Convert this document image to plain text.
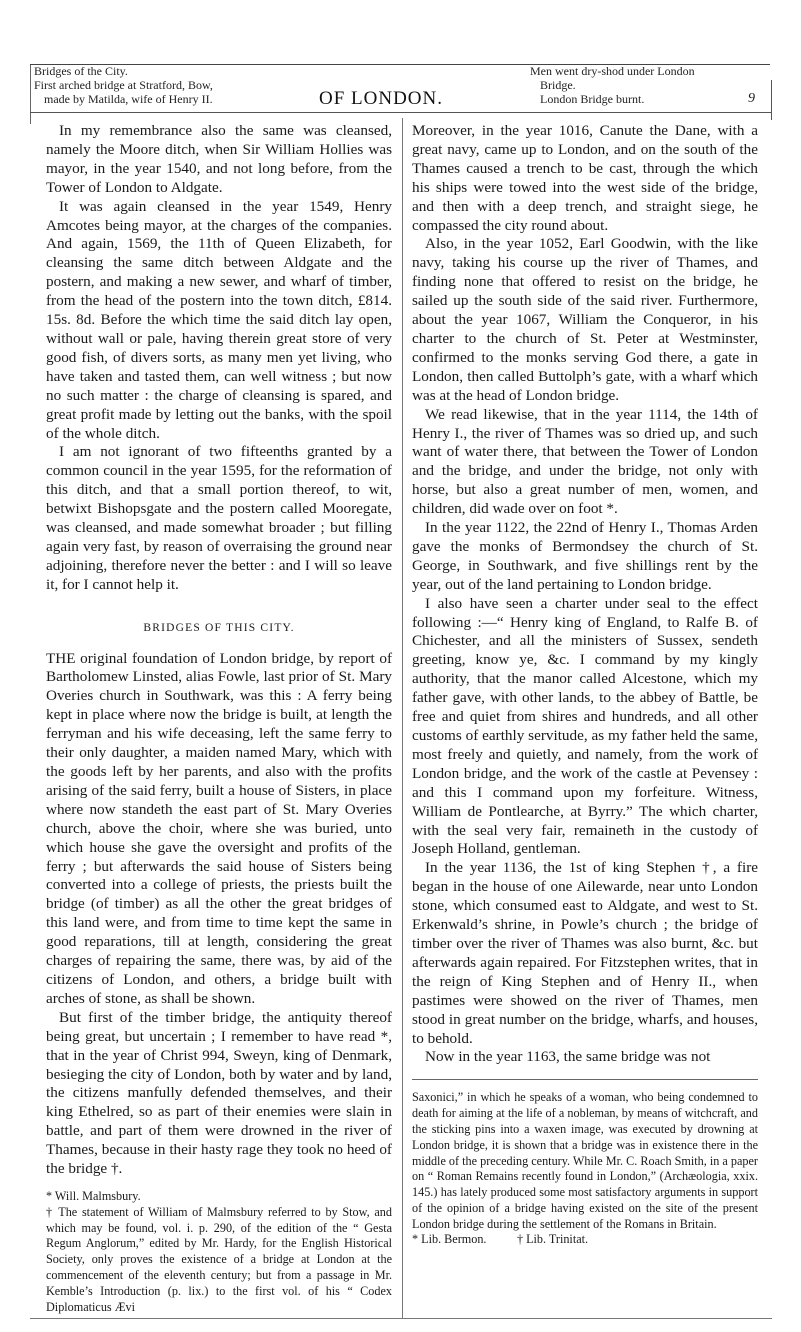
Bridges of the City.
First arched bridge at Stratford, Bow,
made by Matilda, wife of Henry II.	OF LONDON.
Men went dry-shod under London
Bridge.
London Bridge burnt.	9

In my remembrance also the same was cleansed, namely the Moore ditch, when Sir William Hollies was mayor, in the year 1540, and not long before, from the Tower of London to Aldgate.

It was again cleansed in the year 1549, Henry Amcotes being mayor, at the charges of the companies. And again, 1569, the 11th of Queen Elizabeth, for cleansing the same ditch between Aldgate and the postern, and making a new sewer, and wharf of timber, from the head of the postern into the town ditch, £814. 15s. 8d. Before the which time the said ditch lay open, without wall or pale, having therein great store of very good fish, of divers sorts, as many men yet living, who have taken and tasted them, can well witness ; but now no such matter : the charge of cleansing is spared, and great profit made by letting out the banks, with the spoil of the whole ditch.

I am not ignorant of two fifteenths granted by a common council in the year 1595, for the reformation of this ditch, and that a small portion thereof, to wit, betwixt Bishopsgate and the postern called Mooregate, was cleansed, and made somewhat broader ; but filling again very fast, by reason of overraising the ground near adjoining, therefore never the better : and I will so leave it, for I cannot help it.

BRIDGES OF THIS CITY.

THE original foundation of London bridge, by report of Bartholomew Linsted, alias Fowle, last prior of St. Mary Overies church in Southwark, was this : A ferry being kept in place where now the bridge is built, at length the ferryman and his wife deceasing, left the same ferry to their only daughter, a maiden named Mary, which with the goods left by her parents, and also with the profits arising of the said ferry, built a house of Sisters, in place where now standeth the east part of St. Mary Overies church, above the choir, where she was buried, unto which house she gave the oversight and profits of the ferry ; but afterwards the said house of Sisters being converted into a college of priests, the priests built the bridge (of timber) as all the other the great bridges of this land were, and from time to time kept the same in good reparations, till at length, considering the great charges of repairing the same, there was, by aid of the citizens of London, and others, a bridge built with arches of stone, as shall be shown.

But first of the timber bridge, the antiquity thereof being great, but uncertain ; I remember to have read *, that in the year of Christ 994, Sweyn, king of Denmark, besieging the city of London, both by water and by land, the citizens manfully defended themselves, and their king Ethelred, so as part of their enemies were slain in battle, and part of them were drowned in the river of Thames, because in their hasty rage they took no heed of the bridge †.

* Will. Malmsbury.

† The statement of William of Malmsbury referred to by Stow, and which may be found, vol. i. p. 290, of the edition of the “ Gesta Regum Anglorum,” edited by Mr. Hardy, for the English Historical Society, only proves the existence of a bridge at London at the commencement of the eleventh century; but from a passage in Mr. Kemble’s Introduction (p. lix.) to the first vol. of his “ Codex Diplomaticus Ævi

Moreover, in the year 1016, Canute the Dane, with a great navy, came up to London, and on the south of the Thames caused a trench to be cast, through the which his ships were towed into the west side of the bridge, and then with a deep trench, and straight siege, he compassed the city round about.

Also, in the year 1052, Earl Goodwin, with the like navy, taking his course up the river of Thames, and finding none that offered to resist on the bridge, he sailed up the south side of the said river. Furthermore, about the year 1067, William the Conqueror, in his charter to the church of St. Peter at Westminster, confirmed to the monks serving God there, a gate in London, then called Buttolph’s gate, with a wharf which was at the head of London bridge.

We read likewise, that in the year 1114, the 14th of Henry I., the river of Thames was so dried up, and such want of water there, that between the Tower of London and the bridge, and under the bridge, not only with horse, but also a great number of men, women, and children, did wade over on foot *.

In the year 1122, the 22nd of Henry I., Thomas Arden gave the monks of Bermondsey the church of St. George, in Southwark, and five shillings rent by the year, out of the land pertaining to London bridge.

I also have seen a charter under seal to the effect following :—“ Henry king of England, to Ralfe B. of Chichester, and all the ministers of Sussex, sendeth greeting, know ye, &c. I command by my kingly authority, that the manor called Alcestone, which my father gave, with other lands, to the abbey of Battle, be free and quiet from shires and hundreds, and all other customs of earthly servitude, as my father held the same, most freely and quietly, and namely, from the work of London bridge, and the work of the castle at Pevensey : and this I command upon my forfeiture. Witness, William de Pontlearche, at Byrry.” The which charter, with the seal very fair, remaineth in the custody of Joseph Holland, gentleman.

In the year 1136, the 1st of king Stephen †, a fire began in the house of one Ailewarde, near unto London stone, which consumed east to Aldgate, and west to St. Erkenwald’s shrine, in Powle’s church ; the bridge of timber over the river of Thames was also burnt, &c. but afterwards again repaired. For Fitzstephen writes, that in the reign of King Stephen and of Henry II., when pastimes were showed on the river of Thames, men stood in great number on the bridge, wharfs, and houses, to behold.

Now in the year 1163, the same bridge was not

Saxonici,” in which he speaks of a woman, who being condemned to death for aiming at the life of a nobleman, by means of witchcraft, and the sticking pins into a waxen image, was executed by drowning at London bridge, it is shown that a bridge was in existence there in the middle of the preceding century. While Mr. C. Roach Smith, in a paper on “ Roman Remains recently found in London,” (Archæologia, xxix. 145.) has lately produced some most satisfactory arguments in support of the opinion of a bridge having existed on the site of the present London bridge during the settlement of the Romans in Britain.

* Lib. Bermon.          † Lib. Trinitat.
